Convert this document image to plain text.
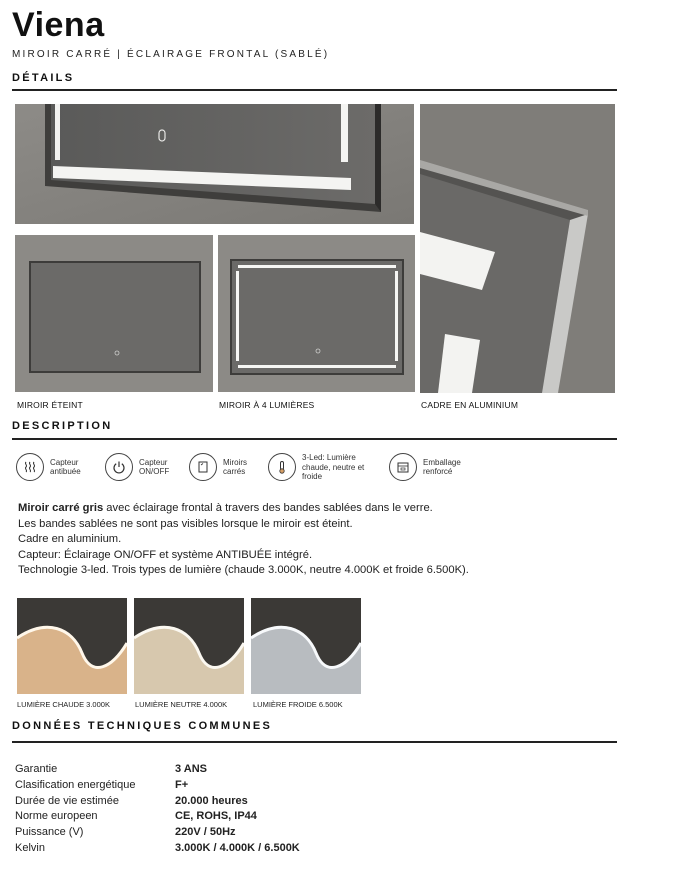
Viena
MIROIR CARRÉ | ÉCLAIRAGE FRONTAL (SABLÉ)
DÉTAILS
MIROIR ÉTEINT	MIROIR À 4 LUMIÈRES	CADRE EN ALUMINIUM
DESCRIPTION
Capteur antibuée
Capteur ON/OFF
Miroirs carrés
3-Led: Lumière chaude, neutre et froide
Emballage renforcé

Miroir carré gris avec éclairage frontal à travers des bandes sablées dans le verre.

Les bandes sablées ne sont pas visibles lorsque le miroir est éteint.

Cadre en aluminium.

Capteur: Éclairage ON/OFF et système ANTIBUÉE intégré.

Technologie 3-led. Trois types de lumière (chaude 3.000K, neutre 4.000K et froide 6.500K).

LUMIÈRE CHAUDE 3.000K	LUMIÈRE NEUTRE 4.000K	LUMIÈRE FROIDE 6.500K
DONNÉES TECHNIQUES COMMUNES
Garantie	3 ANS
Clasification energétique	F+
Durée de vie estimée	20.000 heures
Norme europeen	CE, ROHS, IP44
Puissance (V)	220V / 50Hz
Kelvin	3.000K / 4.000K / 6.500K
